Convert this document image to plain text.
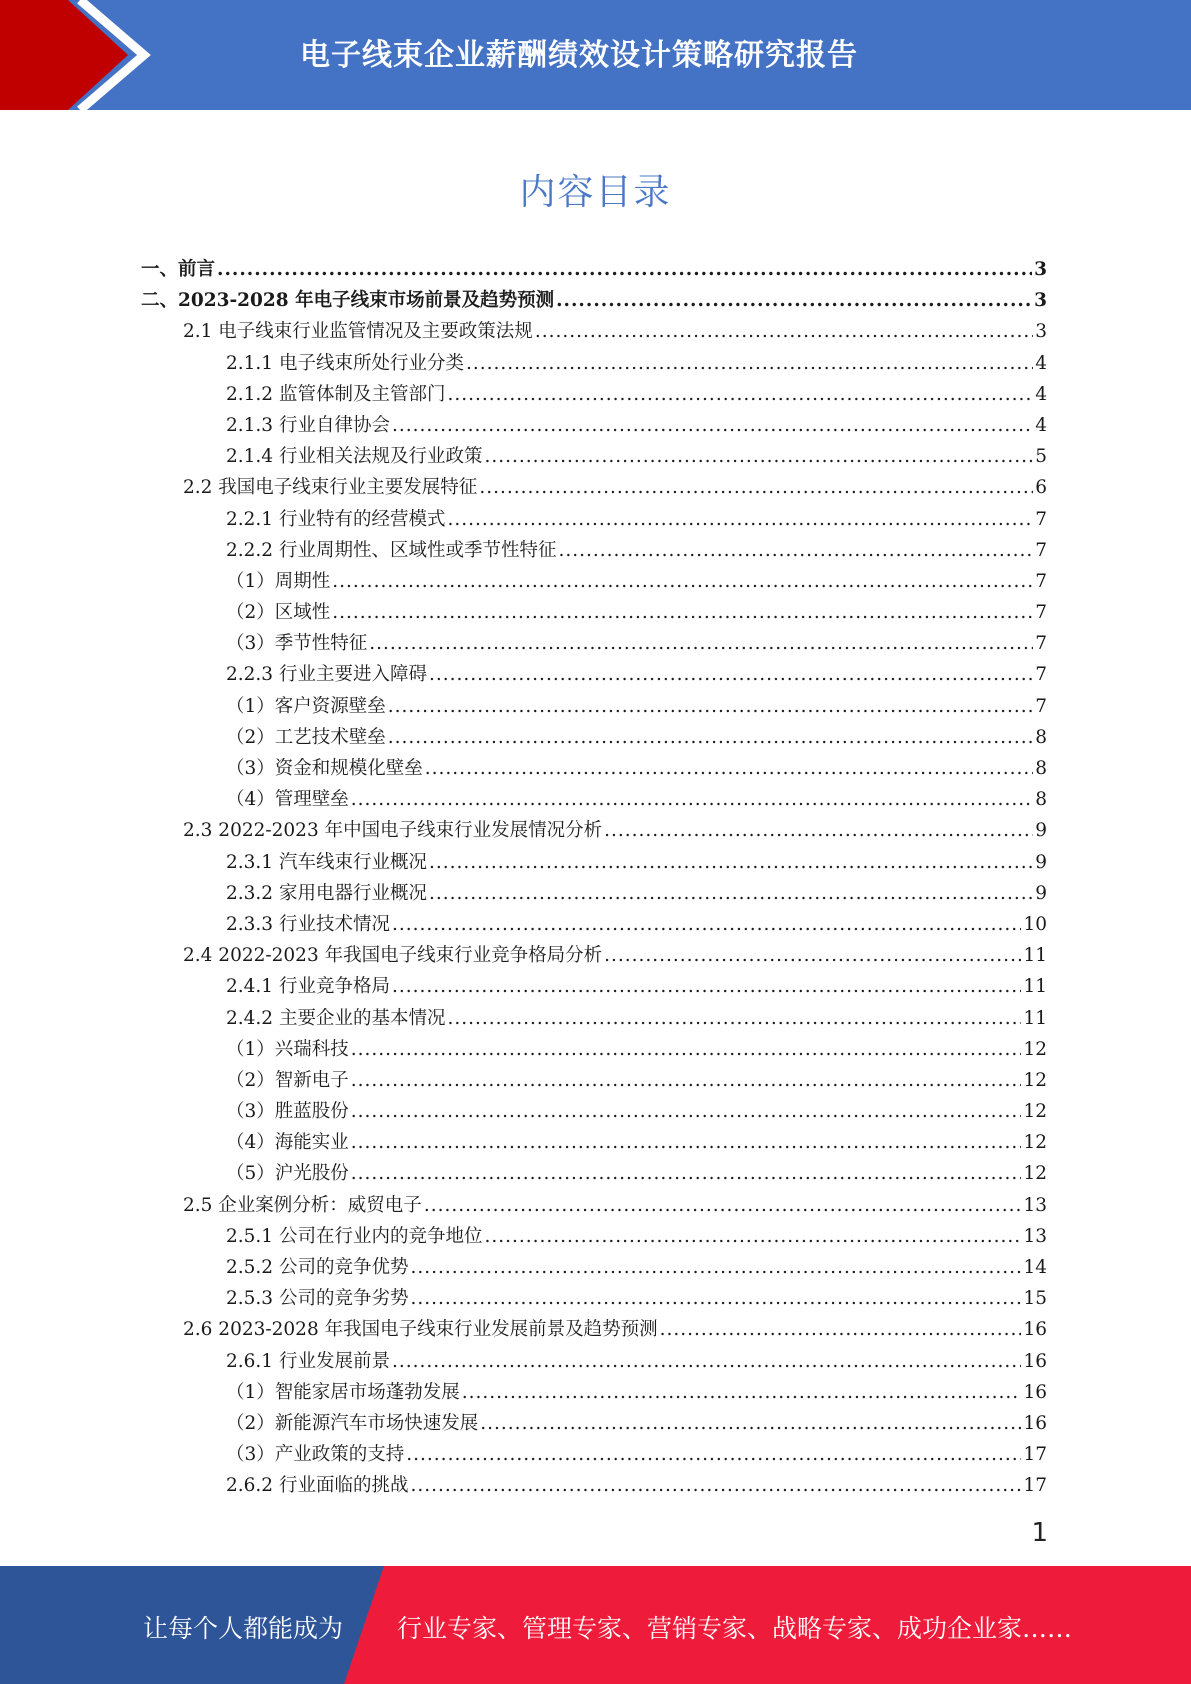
电子线束企业薪酬绩效设计策略研究报告
内容目录
一、前言 .....	3
二、2023-2028 年电子线束市场前景及趋势预测 .....	3
2.1 电子线束行业监管情况及主要政策法规 .....	3
2.1.1 电子线束所处行业分类 .....	4
2.1.2 监管体制及主管部门 .....	4
2.1.3 行业自律协会 .....	4
2.1.4 行业相关法规及行业政策 .....	5
2.2 我国电子线束行业主要发展特征 .....	6
2.2.1 行业特有的经营模式 .....	7
2.2.2 行业周期性、区域性或季节性特征 .....	7
（1）周期性 .....	7
（2）区域性 .....	7
（3）季节性特征 .....	7
2.2.3 行业主要进入障碍 .....	7
（1）客户资源壁垒 .....	7
（2）工艺技术壁垒 .....	8
（3）资金和规模化壁垒 .....	8
（4）管理壁垒 .....	8
2.3 2022-2023 年中国电子线束行业发展情况分析 .....	9
2.3.1 汽车线束行业概况 .....	9
2.3.2 家用电器行业概况 .....	9
2.3.3 行业技术情况 .....	10
2.4 2022-2023 年我国电子线束行业竞争格局分析 .....	11
2.4.1 行业竞争格局 .....	11
2.4.2 主要企业的基本情况 .....	11
（1）兴瑞科技 .....	12
（2）智新电子 .....	12
（3）胜蓝股份 .....	12
（4）海能实业 .....	12
（5）沪光股份 .....	12
2.5 企业案例分析：威贸电子 .....	13
2.5.1 公司在行业内的竞争地位 .....	13
2.5.2 公司的竞争优势 .....	14
2.5.3 公司的竞争劣势 .....	15
2.6 2023-2028 年我国电子线束行业发展前景及趋势预测 .....	16
2.6.1 行业发展前景 .....	16
（1）智能家居市场蓬勃发展 .....	16
（2）新能源汽车市场快速发展 .....	16
（3）产业政策的支持 .....	17
2.6.2 行业面临的挑战 .....	17
1
让每个人都能成为 行业专家、管理专家、营销专家、战略专家、成功企业家……
